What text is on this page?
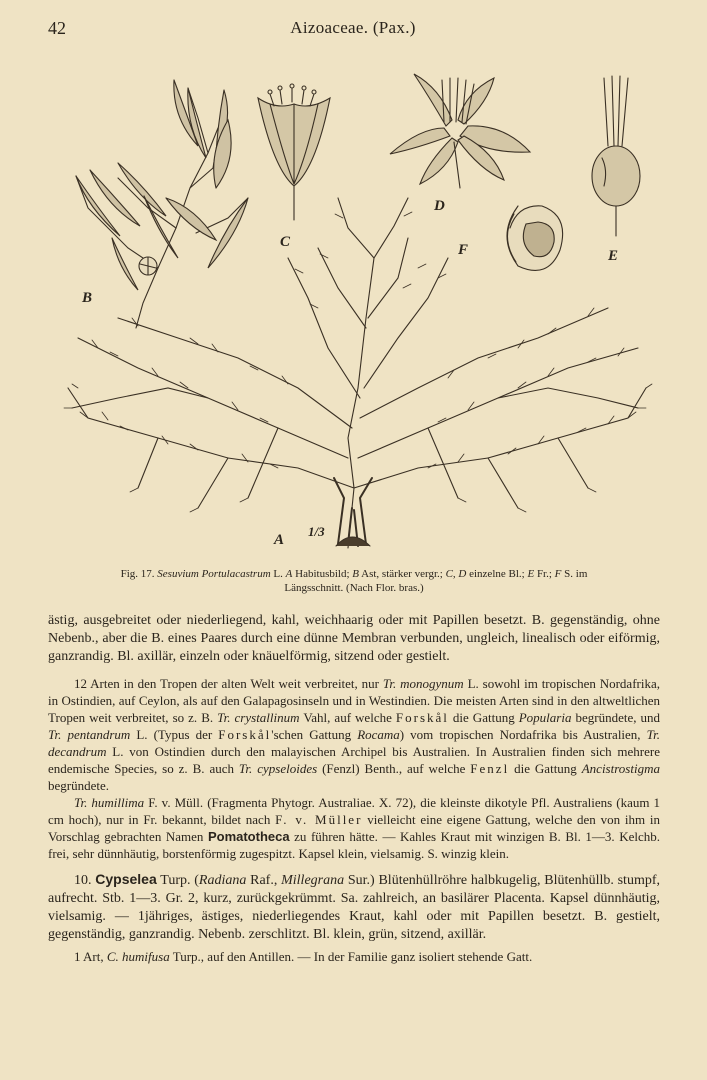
42	Aizoaceae. (Pax.)
C
D
E
F
B
A
1/3
Fig. 17. Sesuvium Portulacastrum L. A Habitusbild; B Ast, stärker vergr.; C, D einzelne Bl.; E Fr.; F S. im
Längsschnitt. (Nach Flor. bras.)

ästig, ausgebreitet oder niederliegend, kahl, weichhaarig oder mit Papillen besetzt. B. gegenständig, ohne Nebenb., aber die B. eines Paares durch eine dünne Membran verbunden, ungleich, linealisch oder eiförmig, ganzrandig. Bl. axillär, einzeln oder knäuelförmig, sitzend oder gestielt.

12 Arten in den Tropen der alten Welt weit verbreitet, nur Tr. monogynum L. sowohl im tropischen Nordafrika, in Ostindien, auf Ceylon, als auf den Galapagosinseln und in Westindien. Die meisten Arten sind in den altweltlichen Tropen weit verbreitet, so z. B. Tr. crystallinum Vahl, auf welche Forskål die Gattung Popularia begründete, und Tr. pentandrum L. (Typus der Forskål'schen Gattung Rocama) vom tropischen Nordafrika bis Australien, Tr. decandrum L. von Ostindien durch den malayischen Archipel bis Australien. In Australien finden sich mehrere endemische Species, so z. B. auch Tr. cypseloides (Fenzl) Benth., auf welche Fenzl die Gattung Ancistrostigma begründete.

Tr. humillima F. v. Müll. (Fragmenta Phytogr. Australiae. X. 72), die kleinste dikotyle Pfl. Australiens (kaum 1 cm hoch), nur in Fr. bekannt, bildet nach F. v. Müller vielleicht eine eigene Gattung, welche den von ihm in Vorschlag gebrachten Namen Pomatotheca zu führen hätte. — Kahles Kraut mit winzigen B. Bl. 1—3. Kelchb. frei, sehr dünnhäutig, borstenförmig zugespitzt. Kapsel klein, vielsamig. S. winzig klein.

10. Cypselea Turp. (Radiana Raf., Millegrana Sur.) Blütenhüllröhre halbkugelig, Blütenhüllb. stumpf, aufrecht. Stb. 1—3. Gr. 2, kurz, zurückgekrümmt. Sa. zahlreich, an basilärer Placenta. Kapsel dünnhäutig, vielsamig. — 1jähriges, ästiges, niederliegendes Kraut, kahl oder mit Papillen besetzt. B. gestielt, gegenständig, ganzrandig. Nebenb. zerschlitzt. Bl. klein, grün, sitzend, axillär.

1 Art, C. humifusa Turp., auf den Antillen. — In der Familie ganz isoliert stehende Gatt.
